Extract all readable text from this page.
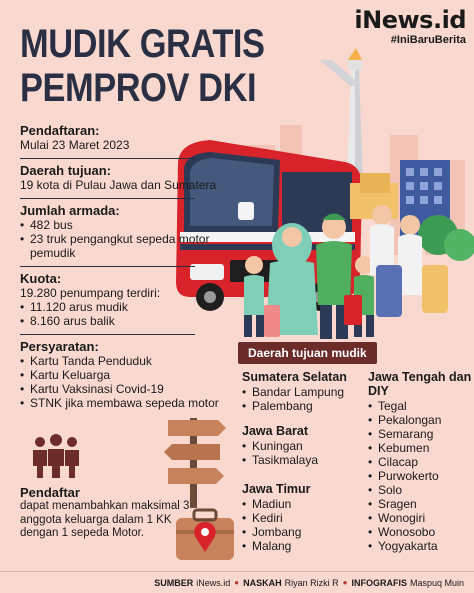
iNews.id
#IniBaruBerita
MUDIK GRATIS
PEMPROV DKI
Pendaftaran:
Mulai 23 Maret 2023
Daerah tujuan:
19 kota di Pulau Jawa dan Sumatera
Jumlah armada:
• 482 bus
• 23 truk pengangkut sepeda motor pemudik
Kuota:
19.280 penumpang terdiri:
• 11.120 arus mudik
• 8.160 arus balik
Persyaratan:
• Kartu Tanda Penduduk
• Kartu Keluarga
• Kartu Vaksinasi Covid-19
• STNK jika membawa sepeda motor
Pendaftar
dapat menambahkan maksimal 3 anggota keluarga dalam 1 KK dengan 1 sepeda Motor.
Daerah tujuan mudik
Sumatera Selatan
• Bandar Lampung
• Palembang
Jawa Barat
• Kuningan
• Tasikmalaya
Jawa Timur
• Madiun
• Kediri
• Jombang
• Malang
Jawa Tengah dan DIY
• Tegal
• Pekalongan
• Semarang
• Kebumen
• Cilacap
• Purwokerto
• Solo
• Sragen
• Wonogiri
• Wonosobo
• Yogyakarta
SUMBER iNews.id ● NASKAH Riyan Rizki R ● INFOGRAFIS Maspuq Muin
